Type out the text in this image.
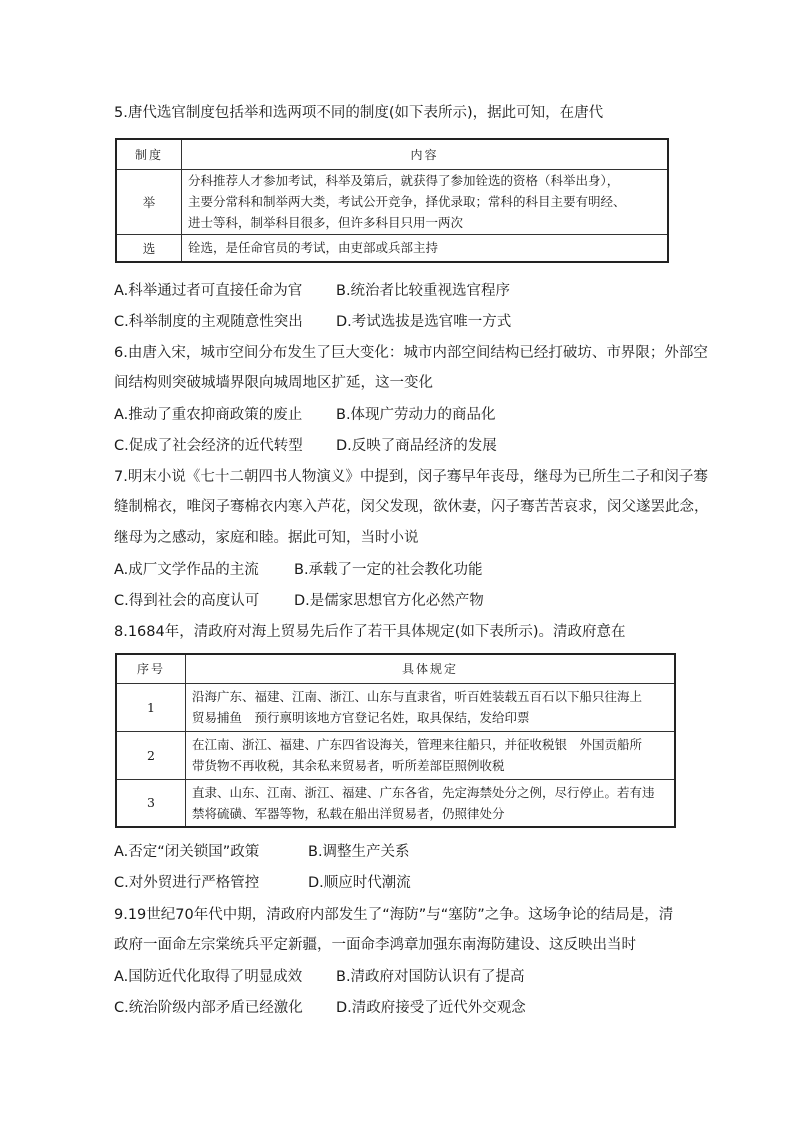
5.唐代选官制度包括举和选两项不同的制度(如下表所示)，据此可知，在唐代
制度	内容
举	分科推荐人才参加考试，科举及第后，就获得了参加铨选的资格（科举出身），
主要分常科和制举两大类，考试公开竞争，择优录取；常科的科目主要有明经、
进士等科，制举科目很多，但许多科目只用一两次

选	铨选，是任命官员的考试，由吏部或兵部主持
A.科举通过者可直接任命为官 B.统治者比较重视选官程序
C.科举制度的主观随意性突出 D.考试选拔是选官唯一方式
6.由唐入宋，城市空间分布发生了巨大变化：城市内部空间结构已经打破坊、市界限；外部空
间结构则突破城墙界限向城周地区扩延，这一变化
A.推动了重农抑商政策的废止 B.体现广劳动力的商品化
C.促成了社会经济的近代转型 D.反映了商品经济的发展
7.明末小说《七十二朝四书人物演义》中提到，闵子骞早年丧母，继母为已所生二子和闵子骞
缝制棉衣，唯闵子骞棉衣内寒入芦花，闵父发现，欲休妻，闪子骞苦苦哀求，闵父遂罢此念，
继母为之感动，家庭和睦。据此可知，当时小说
A.成厂文学作品的主流 B.承载了一定的社会教化功能
C.得到社会的高度认可 D.是儒家思想官方化必然产物
8.1684年，清政府对海上贸易先后作了若干具体规定(如下表所示)。清政府意在
序号	具体规定
1	沿海广东、福建、江南、浙江、山东与直隶省，听百姓装载五百石以下船只往海上
贸易捕鱼　预行禀明该地方官登记名姓，取具保结，发给印票

2	在江南、浙江、福建、广东四省设海关，管理来往船只，并征收税银　外国贡船所
带货物不再收税，其余私来贸易者，听所差部臣照例收税

3	直隶、山东、江南、浙江、福建、广东各省，先定海禁处分之例，尽行停止。若有违
禁将硫磺、军器等物，私载在船出洋贸易者，仍照律处分
A.否定“闭关锁国”政策	B.调整生产关系
C.对外贸进行严格管控	D.顺应时代潮流
9.19世纪70年代中期，清政府内部发生了“海防”与“塞防”之争。这场争论的结局是，清
政府一面命左宗棠统兵平定新疆，一面命李鸿章加强东南海防建设、这反映出当时
A.国防近代化取得了明显成效 B.清政府对国防认识有了提高
C.统治阶级内部矛盾已经激化 D.清政府接受了近代外交观念
